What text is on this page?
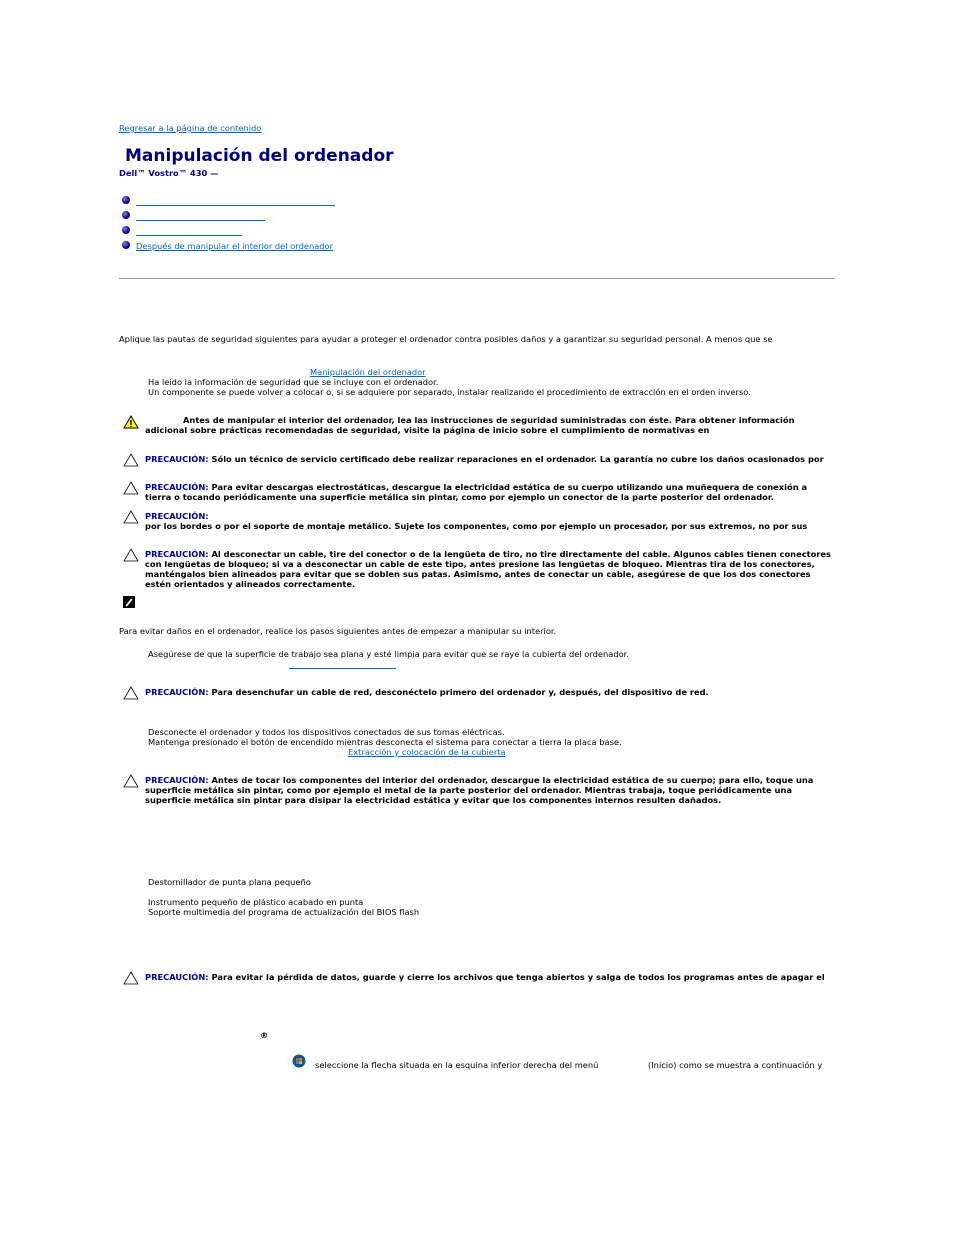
Regresar a la página de contenido
Manipulación del ordenador
Dell™ Vostro™ 430 —
Después de manipular el interior del ordenador
Aplique las pautas de seguridad siguientes para ayudar a proteger el ordenador contra posibles daños y a garantizar su seguridad personal. A menos que se
Manipulación del ordenador
Ha leído la información de seguridad que se incluye con el ordenador.
Un componente se puede volver a colocar o, si se adquiere por separado, instalar realizando el procedimiento de extracción en el orden inverso.
Antes de manipular el interior del ordenador, lea las instrucciones de seguridad suministradas con éste. Para obtener información
adicional sobre prácticas recomendadas de seguridad, visite la página de inicio sobre el cumplimiento de normativas en
PRECAUCIÓN: Sólo un técnico de servicio certificado debe realizar reparaciones en el ordenador. La garantía no cubre los daños ocasionados por
PRECAUCIÓN: Para evitar descargas electrostáticas, descargue la electricidad estática de su cuerpo utilizando una muñequera de conexión a
tierra o tocando periódicamente una superficie metálica sin pintar, como por ejemplo un conector de la parte posterior del ordenador.
PRECAUCIÓN:
por los bordes o por el soporte de montaje metálico. Sujete los componentes, como por ejemplo un procesador, por sus extremos, no por sus
PRECAUCIÓN: Al desconectar un cable, tire del conector o de la lengüeta de tiro, no tire directamente del cable. Algunos cables tienen conectores
con lengüetas de bloqueo; si va a desconectar un cable de este tipo, antes presione las lengüetas de bloqueo. Mientras tira de los conectores,
manténgalos bien alineados para evitar que se doblen sus patas. Asimismo, antes de conectar un cable, asegúrese de que los dos conectores
estén orientados y alineados correctamente.
Para evitar daños en el ordenador, realice los pasos siguientes antes de empezar a manipular su interior.
Asegúrese de que la superficie de trabajo sea plana y esté limpia para evitar que se raye la cubierta del ordenador.
PRECAUCIÓN: Para desenchufar un cable de red, desconéctelo primero del ordenador y, después, del dispositivo de red.
Desconecte el ordenador y todos los dispositivos conectados de sus tomas eléctricas.
Mantenga presionado el botón de encendido mientras desconecta el sistema para conectar a tierra la placa base.
Extracción y colocación de la cubierta
PRECAUCIÓN: Antes de tocar los componentes del interior del ordenador, descargue la electricidad estática de su cuerpo; para ello, toque una
superficie metálica sin pintar, como por ejemplo el metal de la parte posterior del ordenador. Mientras trabaja, toque periódicamente una
superficie metálica sin pintar para disipar la electricidad estática y evitar que los componentes internos resulten dañados.
Destornillador de punta plana pequeño
Instrumento pequeño de plástico acabado en punta
Soporte multimedia del programa de actualización del BIOS flash
PRECAUCIÓN: Para evitar la pérdida de datos, guarde y cierre los archivos que tenga abiertos y salga de todos los programas antes de apagar el
®
seleccione la flecha situada en la esquina inferior derecha del menú	(Inicio) como se muestra a continuación y
